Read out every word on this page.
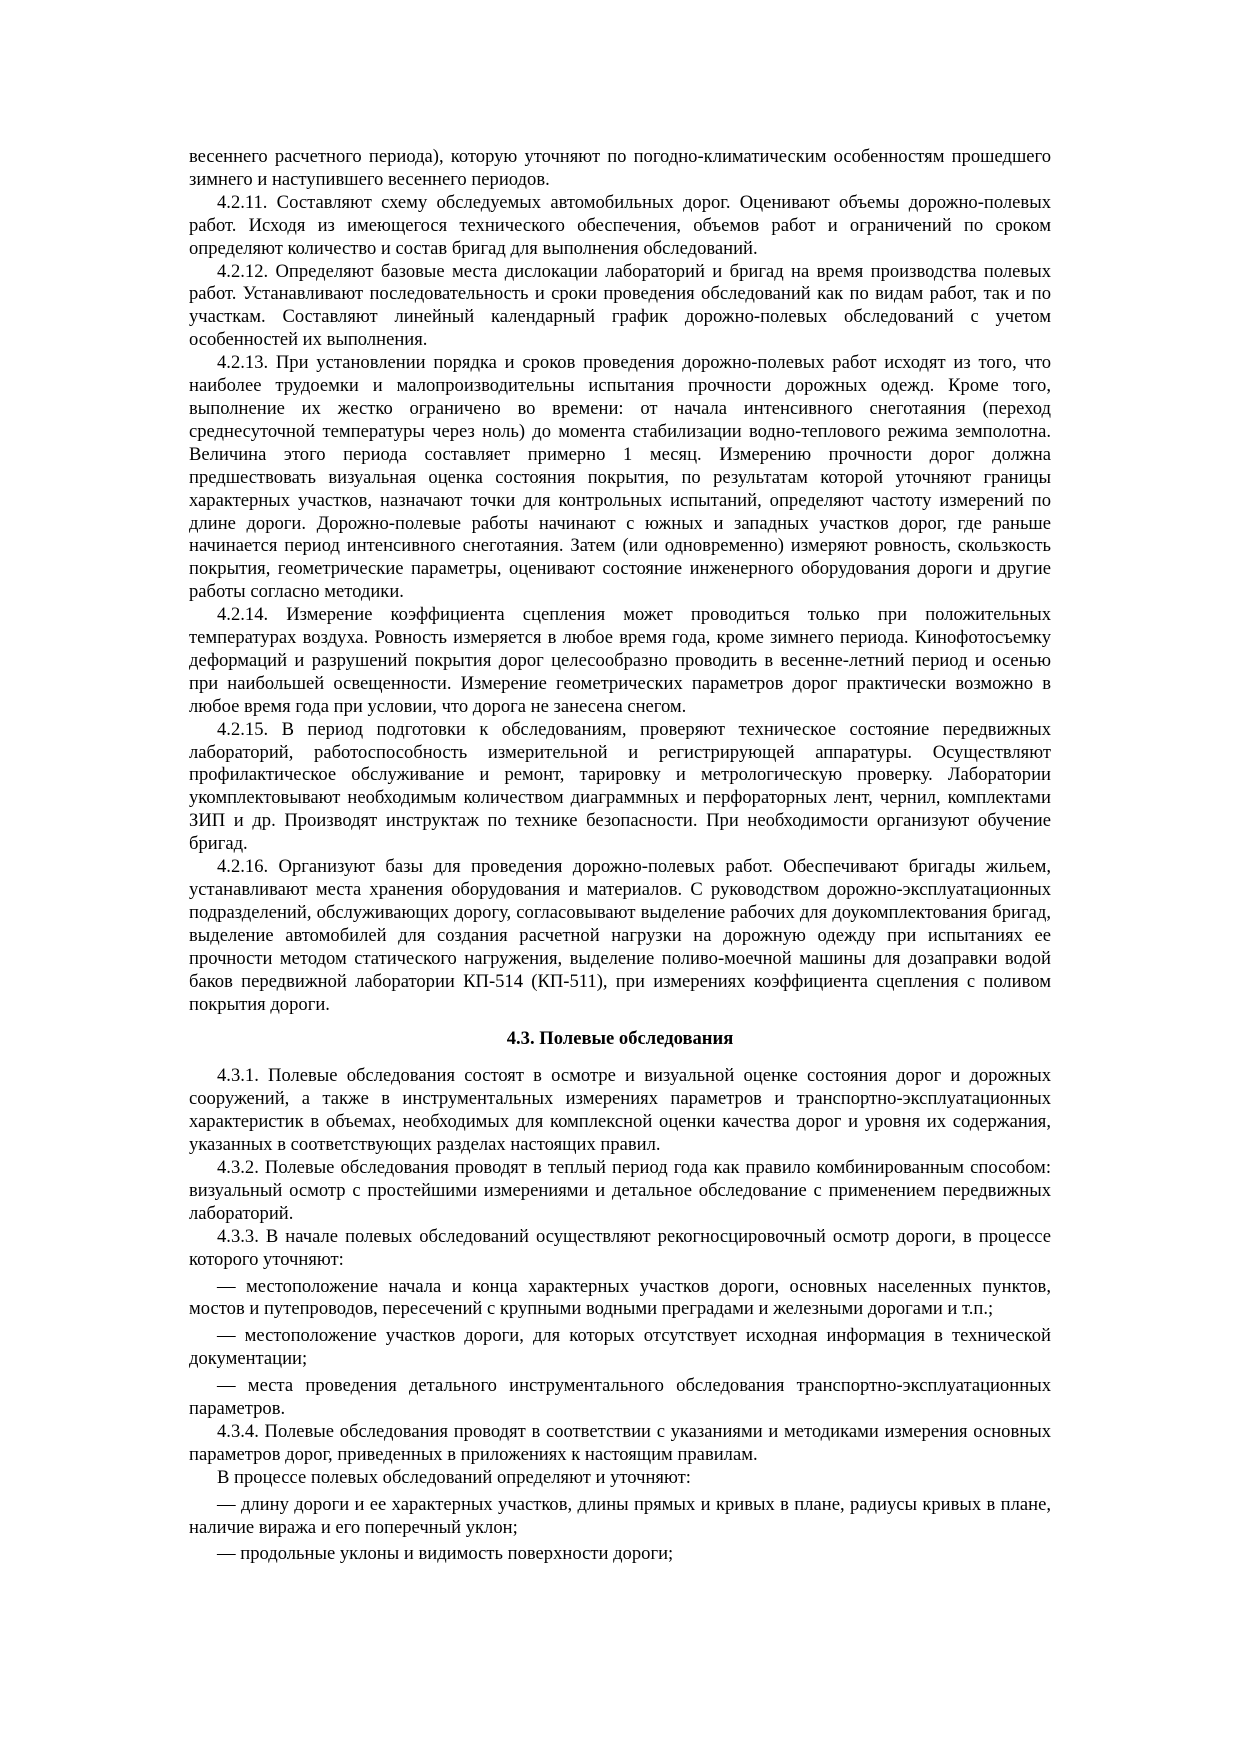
весеннего расчетного периода), которую уточняют по погодно-климатическим особенностям прошедшего зимнего и наступившего весеннего периодов.

4.2.11. Составляют схему обследуемых автомобильных дорог. Оценивают объемы дорожно-полевых работ. Исходя из имеющегося технического обеспечения, объемов работ и ограничений по сроком определяют количество и состав бригад для выполнения обследований.

4.2.12. Определяют базовые места дислокации лабораторий и бригад на время производства полевых работ. Устанавливают последовательность и сроки проведения обследований как по видам работ, так и по участкам. Составляют линейный календарный график дорожно-полевых обследований с учетом особенностей их выполнения.

4.2.13. При установлении порядка и сроков проведения дорожно-полевых работ исходят из того, что наиболее трудоемки и малопроизводительны испытания прочности дорожных одежд. Кроме того, выполнение их жестко ограничено во времени: от начала интенсивного снеготаяния (переход среднесуточной температуры через ноль) до момента стабилизации водно-теплового режима земполотна. Величина этого периода составляет примерно 1 месяц. Измерению прочности дорог должна предшествовать визуальная оценка состояния покрытия, по результатам которой уточняют границы характерных участков, назначают точки для контрольных испытаний, определяют частоту измерений по длине дороги. Дорожно-полевые работы начинают с южных и западных участков дорог, где раньше начинается период интенсивного снеготаяния. Затем (или одновременно) измеряют ровность, скользкость покрытия, геометрические параметры, оценивают состояние инженерного оборудования дороги и другие работы согласно методики.

4.2.14. Измерение коэффициента сцепления может проводиться только при положительных температурах воздуха. Ровность измеряется в любое время года, кроме зимнего периода. Кинофотосъемку деформаций и разрушений покрытия дорог целесообразно проводить в весенне-летний период и осенью при наибольшей освещенности. Измерение геометрических параметров дорог практически возможно в любое время года при условии, что дорога не занесена снегом.

4.2.15. В период подготовки к обследованиям, проверяют техническое состояние передвижных лабораторий, работоспособность измерительной и регистрирующей аппаратуры. Осуществляют профилактическое обслуживание и ремонт, тарировку и метрологическую проверку. Лаборатории укомплектовывают необходимым количеством диаграммных и перфораторных лент, чернил, комплектами ЗИП и др. Производят инструктаж по технике безопасности. При необходимости организуют обучение бригад.

4.2.16. Организуют базы для проведения дорожно-полевых работ. Обеспечивают бригады жильем, устанавливают места хранения оборудования и материалов. С руководством дорожно-эксплуатационных подразделений, обслуживающих дорогу, согласовывают выделение рабочих для доукомплектования бригад, выделение автомобилей для создания расчетной нагрузки на дорожную одежду при испытаниях ее прочности методом статического нагружения, выделение поливо-моечной машины для дозаправки водой баков передвижной лаборатории КП-514 (КП-511), при измерениях коэффициента сцепления с поливом покрытия дороги.

4.3. Полевые обследования

4.3.1. Полевые обследования состоят в осмотре и визуальной оценке состояния дорог и дорожных сооружений, а также в инструментальных измерениях параметров и транспортно-эксплуатационных характеристик в объемах, необходимых для комплексной оценки качества дорог и уровня их содержания, указанных в соответствующих разделах настоящих правил.

4.3.2. Полевые обследования проводят в теплый период года как правило комбинированным способом: визуальный осмотр с простейшими измерениями и детальное обследование с применением передвижных лабораторий.

4.3.3. В начале полевых обследований осуществляют рекогносцировочный осмотр дороги, в процессе которого уточняют:

— местоположение начала и конца характерных участков дороги, основных населенных пунктов, мостов и путепроводов, пересечений с крупными водными преградами и железными дорогами и т.п.;

— местоположение участков дороги, для которых отсутствует исходная информация в технической документации;

— места проведения детального инструментального обследования транспортно-эксплуатационных параметров.

4.3.4. Полевые обследования проводят в соответствии с указаниями и методиками измерения основных параметров дорог, приведенных в приложениях к настоящим правилам.

В процессе полевых обследований определяют и уточняют:

— длину дороги и ее характерных участков, длины прямых и кривых в плане, радиусы кривых в плане, наличие виража и его поперечный уклон;

— продольные уклоны и видимость поверхности дороги;
